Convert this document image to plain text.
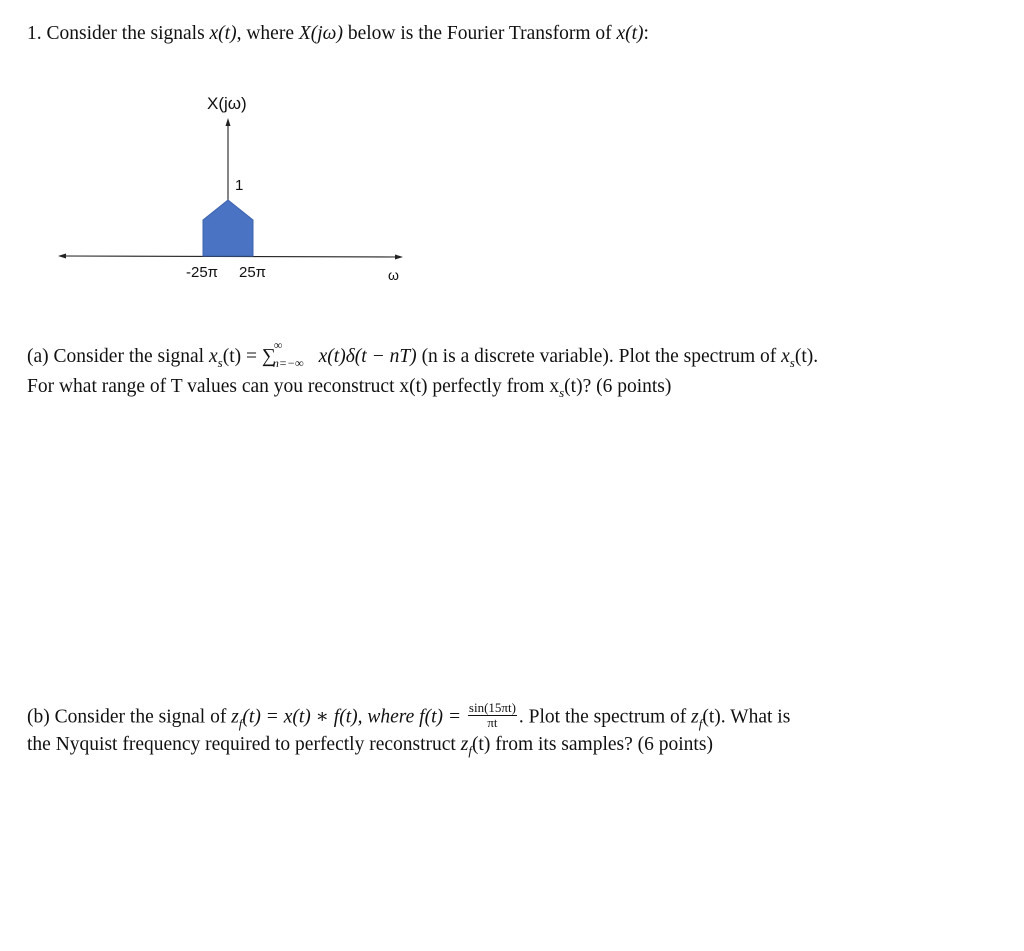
1. Consider the signals x(t), where X(jω) below is the Fourier Transform of x(t):
X(jω)
1
-25π 25π	ω
(a) Consider the signal $x_s(t)$ = ∑
∞
n=−∞ x(t)δ(t − nT) (n is a discrete variable). Plot the spectrum of $x_s(t)$.
For what range of T values can you reconstruct x(t) perfectly from $x_s(t)$? (6 points)
(b) Consider the signal of $z_f(t) = x(t)$ ∗ f(t), where $f(t) = \frac{\sin(15\pi t)}{\pi t}$ . Plot the spectrum of $z_f(t)$. What is
the Nyquist frequency required to perfectly reconstruct $z_f(t)$ from its samples? (6 points)
